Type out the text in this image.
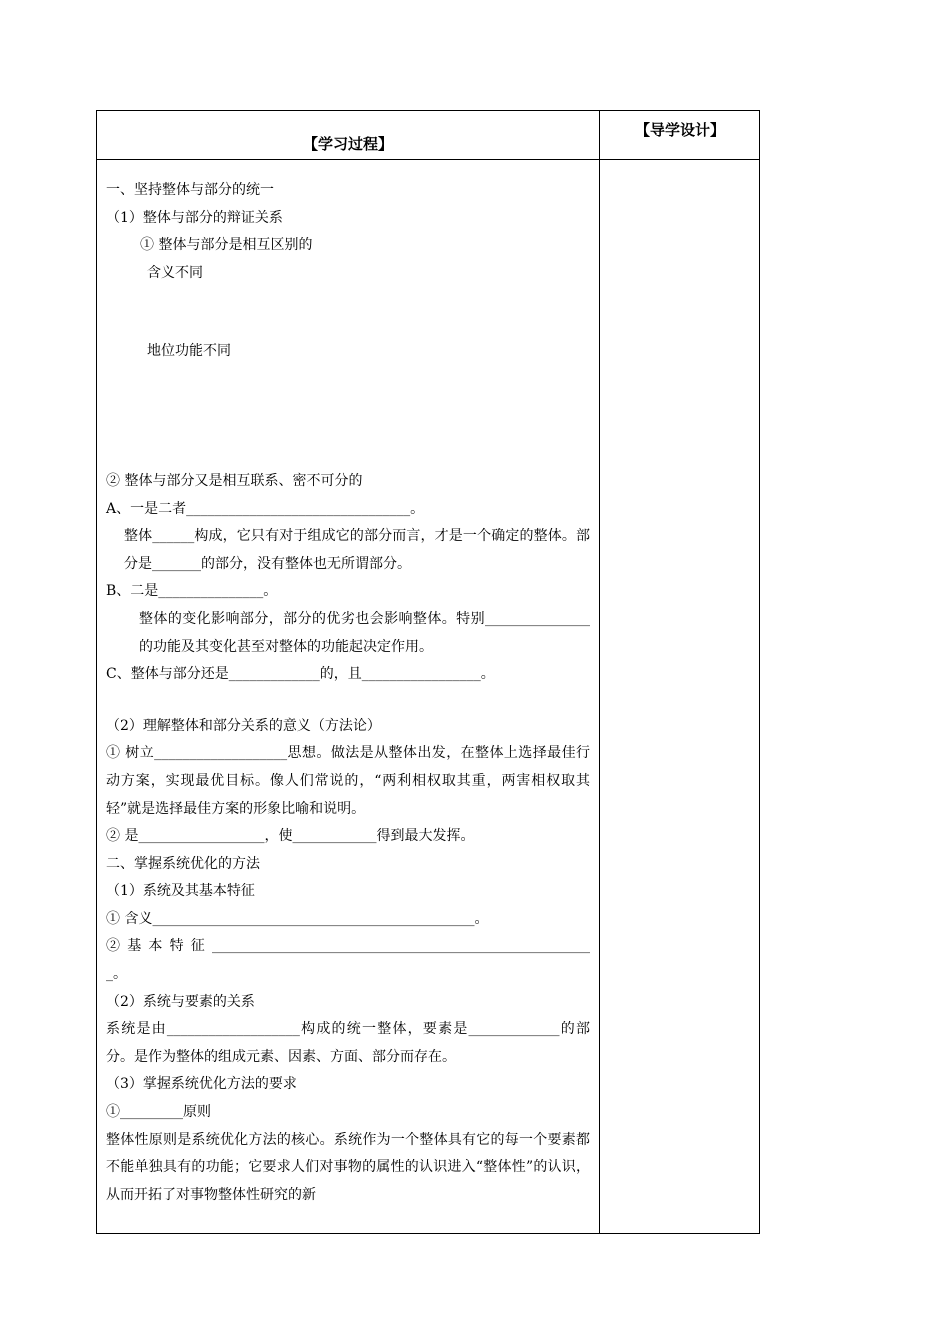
【学习过程】
【导学设计】

一、坚持整体与部分的统一

（1）整体与部分的辩证关系

① 整体与部分是相互区别的

含义不同

地位功能不同

② 整体与部分又是相互联系、密不可分的

A、一是二者________________________________。

整体______构成，它只有对于组成它的部分而言，才是一个确定的整体。部分是_______的部分，没有整体也无所谓部分。

B、二是_______________。

整体的变化影响部分，部分的优劣也会影响整体。特别_______________的功能及其变化甚至对整体的功能起决定作用。

C、整体与部分还是_____________的，且_________________。

（2）理解整体和部分关系的意义（方法论）

① 树立___________________思想。做法是从整体出发，在整体上选择最佳行动方案，实现最优目标。像人们常说的，“两利相权取其重，两害相权取其轻”就是选择最佳方案的形象比喻和说明。

② 是__________________，使____________得到最大发挥。

二、掌握系统优化的方法

（1）系统及其基本特征

① 含义______________________________________________。

② 基 本 特 征 _______________________________________________________。

（2）系统与要素的关系

系统是由___________________构成的统一整体，要素是_____________的部分。是作为整体的组成元素、因素、方面、部分而存在。

（3）掌握系统优化方法的要求

①_________原则

整体性原则是系统优化方法的核心。系统作为一个整体具有它的每一个要素都不能单独具有的功能；它要求人们对事物的属性的认识进入“整体性”的认识，从而开拓了对事物整体性研究的新
